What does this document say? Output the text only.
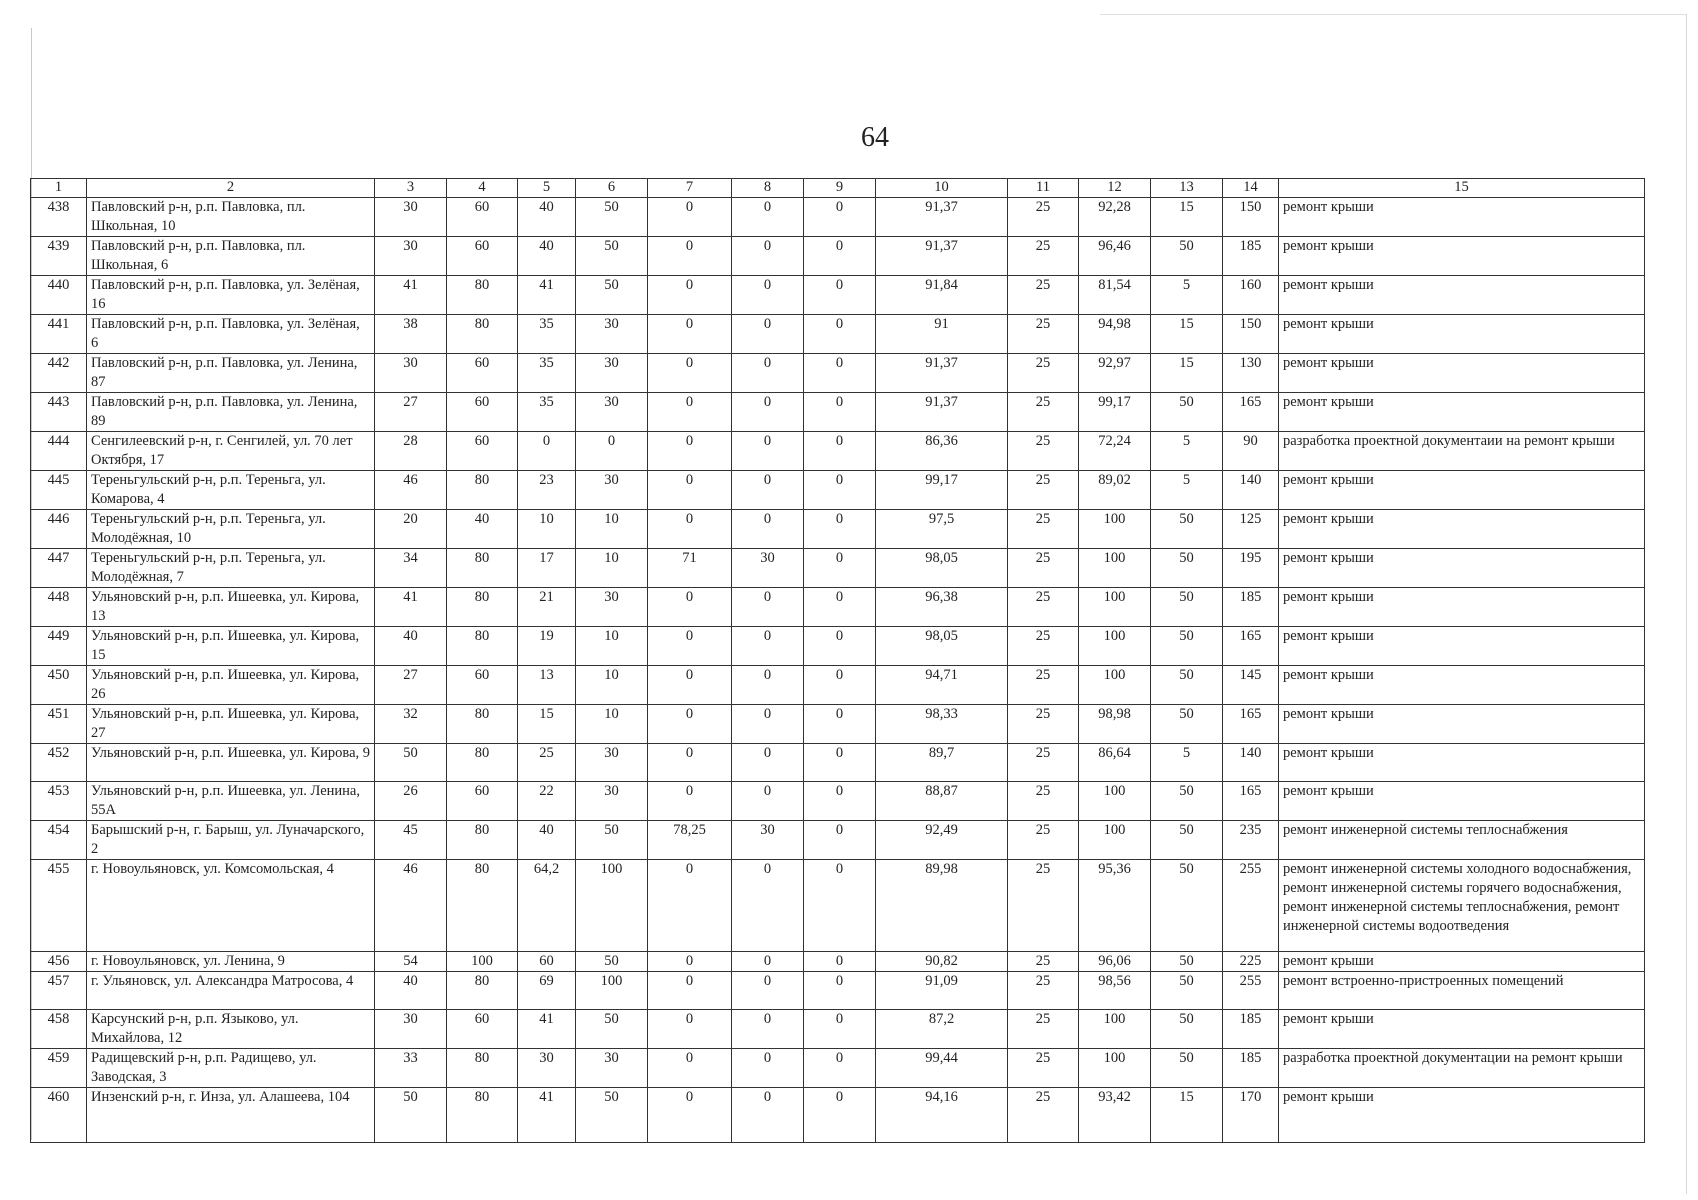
64
1	2	3	4	5	6	7	8	9	10	11	12	13	14	15
438	Павловский р-н, р.п. Павловка, пл. Школьная, 10	30	60	40	50	0	0	0	91,37	25	92,28	15	150	ремонт крыши
439	Павловский р-н, р.п. Павловка, пл. Школьная, 6	30	60	40	50	0	0	0	91,37	25	96,46	50	185	ремонт крыши
440	Павловский р-н, р.п. Павловка, ул. Зелёная, 16	41	80	41	50	0	0	0	91,84	25	81,54	5	160	ремонт крыши
441	Павловский р-н, р.п. Павловка, ул. Зелёная, 6	38	80	35	30	0	0	0	91	25	94,98	15	150	ремонт крыши
442	Павловский р-н, р.п. Павловка, ул. Ленина, 87	30	60	35	30	0	0	0	91,37	25	92,97	15	130	ремонт крыши
443	Павловский р-н, р.п. Павловка, ул. Ленина, 89	27	60	35	30	0	0	0	91,37	25	99,17	50	165	ремонт крыши
444	Сенгилеевский р-н, г. Сенгилей, ул. 70 лет Октября, 17	28	60	0	0	0	0	0	86,36	25	72,24	5	90	разработка проектной документаии на ремонт крыши
445	Тереньгульский р-н, р.п. Тереньга, ул. Комарова, 4	46	80	23	30	0	0	0	99,17	25	89,02	5	140	ремонт крыши
446	Тереньгульский р-н, р.п. Тереньга, ул. Молодёжная, 10	20	40	10	10	0	0	0	97,5	25	100	50	125	ремонт крыши
447	Тереньгульский р-н, р.п. Тереньга, ул. Молодёжная, 7	34	80	17	10	71	30	0	98,05	25	100	50	195	ремонт крыши
448	Ульяновский р-н, р.п. Ишеевка, ул. Кирова, 13	41	80	21	30	0	0	0	96,38	25	100	50	185	ремонт крыши
449	Ульяновский р-н, р.п. Ишеевка, ул. Кирова, 15	40	80	19	10	0	0	0	98,05	25	100	50	165	ремонт крыши
450	Ульяновский р-н, р.п. Ишеевка, ул. Кирова, 26	27	60	13	10	0	0	0	94,71	25	100	50	145	ремонт крыши
451	Ульяновский р-н, р.п. Ишеевка, ул. Кирова, 27	32	80	15	10	0	0	0	98,33	25	98,98	50	165	ремонт крыши
452	Ульяновский р-н, р.п. Ишеевка, ул. Кирова, 9	50	80	25	30	0	0	0	89,7	25	86,64	5	140	ремонт крыши
453	Ульяновский р-н, р.п. Ишеевка, ул. Ленина, 55А	26	60	22	30	0	0	0	88,87	25	100	50	165	ремонт крыши
454	Барышский р-н, г. Барыш, ул. Луначарского, 2	45	80	40	50	78,25	30	0	92,49	25	100	50	235	ремонт инженерной системы теплоснабжения
455	г. Новоульяновск, ул. Комсомольская, 4	46	80	64,2	100	0	0	0	89,98	25	95,36	50	255	ремонт инженерной системы холодного водоснабжения, ремонт инженерной системы горячего водоснабжения, ремонт инженерной системы теплоснабжения, ремонт инженерной системы водоотведения
456	г. Новоульяновск, ул. Ленина, 9	54	100	60	50	0	0	0	90,82	25	96,06	50	225	ремонт крыши
457	г. Ульяновск, ул. Александра Матросова, 4	40	80	69	100	0	0	0	91,09	25	98,56	50	255	ремонт встроенно-пристроенных помещений
458	Карсунский р-н, р.п. Языково, ул. Михайлова, 12	30	60	41	50	0	0	0	87,2	25	100	50	185	ремонт крыши
459	Радищевский р-н, р.п. Радищево, ул. Заводская, 3	33	80	30	30	0	0	0	99,44	25	100	50	185	разработка проектной документации на ремонт крыши
460	Инзенский р-н, г. Инза, ул. Алашеева, 104	50	80	41	50	0	0	0	94,16	25	93,42	15	170	ремонт крыши
